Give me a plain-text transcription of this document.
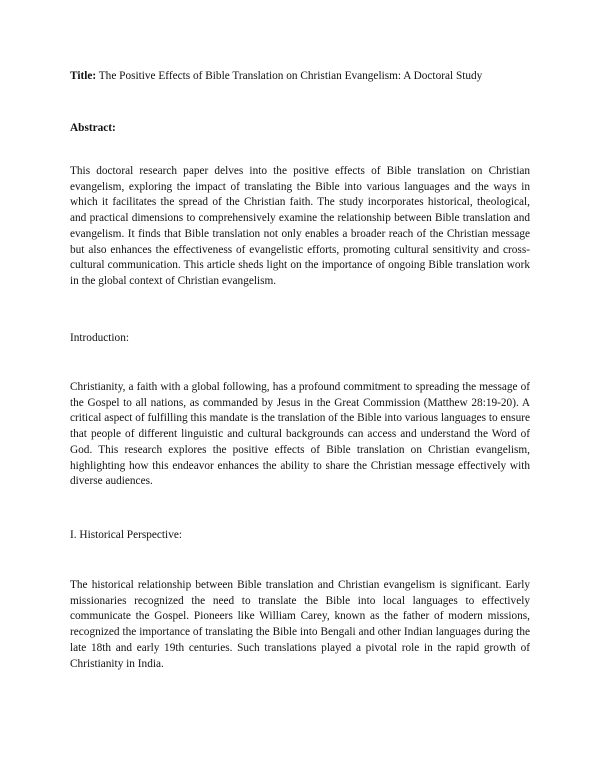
Title: The Positive Effects of Bible Translation on Christian Evangelism: A Doctoral Study

Abstract:

This doctoral research paper delves into the positive effects of Bible translation on Christian evangelism, exploring the impact of translating the Bible into various languages and the ways in which it facilitates the spread of the Christian faith. The study incorporates historical, theological, and practical dimensions to comprehensively examine the relationship between Bible translation and evangelism. It finds that Bible translation not only enables a broader reach of the Christian message but also enhances the effectiveness of evangelistic efforts, promoting cultural sensitivity and cross-cultural communication. This article sheds light on the importance of ongoing Bible translation work in the global context of Christian evangelism.

Introduction:

Christianity, a faith with a global following, has a profound commitment to spreading the message of the Gospel to all nations, as commanded by Jesus in the Great Commission (Matthew 28:19-20). A critical aspect of fulfilling this mandate is the translation of the Bible into various languages to ensure that people of different linguistic and cultural backgrounds can access and understand the Word of God. This research explores the positive effects of Bible translation on Christian evangelism, highlighting how this endeavor enhances the ability to share the Christian message effectively with diverse audiences.

I. Historical Perspective:

The historical relationship between Bible translation and Christian evangelism is significant. Early missionaries recognized the need to translate the Bible into local languages to effectively communicate the Gospel. Pioneers like William Carey, known as the father of modern missions, recognized the importance of translating the Bible into Bengali and other Indian languages during the late 18th and early 19th centuries. Such translations played a pivotal role in the rapid growth of Christianity in India.
